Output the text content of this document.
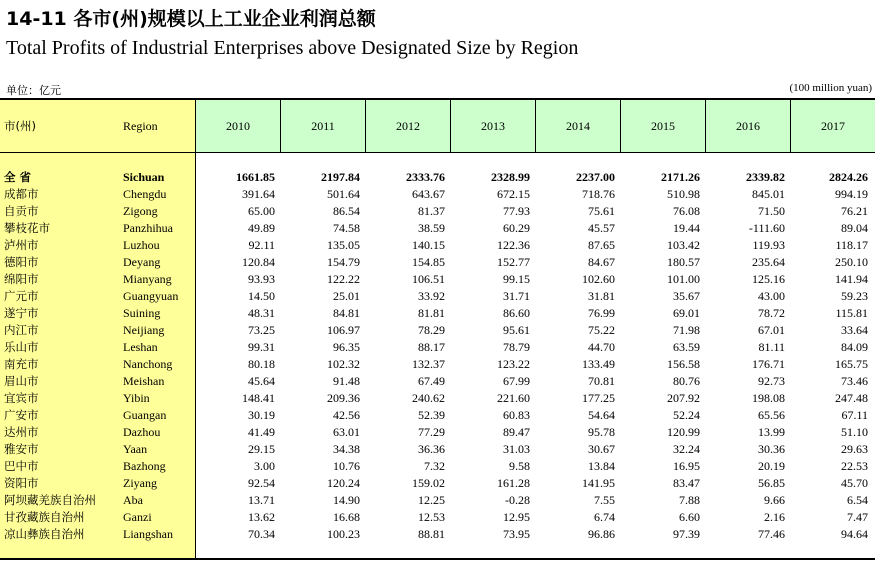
14-11 各市(州)规模以上工业企业利润总额
Total Profits of Industrial Enterprises above Designated Size by Region
单位：亿元	(100 million yuan)
市(州)	Region	2010	2011	2012	2013	2014	2015	2016	2017
全 省	Sichuan	1661.85	2197.84	2333.76	2328.99	2237.00	2171.26	2339.82	2824.26
成都市	Chengdu	391.64	501.64	643.67	672.15	718.76	510.98	845.01	994.19
自贡市	Zigong	65.00	86.54	81.37	77.93	75.61	76.08	71.50	76.21
攀枝花市	Panzhihua	49.89	74.58	38.59	60.29	45.57	19.44	-111.60	89.04
泸州市	Luzhou	92.11	135.05	140.15	122.36	87.65	103.42	119.93	118.17
德阳市	Deyang	120.84	154.79	154.85	152.77	84.67	180.57	235.64	250.10
绵阳市	Mianyang	93.93	122.22	106.51	99.15	102.60	101.00	125.16	141.94
广元市	Guangyuan	14.50	25.01	33.92	31.71	31.81	35.67	43.00	59.23
遂宁市	Suining	48.31	84.81	81.81	86.60	76.99	69.01	78.72	115.81
内江市	Neijiang	73.25	106.97	78.29	95.61	75.22	71.98	67.01	33.64
乐山市	Leshan	99.31	96.35	88.17	78.79	44.70	63.59	81.11	84.09
南充市	Nanchong	80.18	102.32	132.37	123.22	133.49	156.58	176.71	165.75
眉山市	Meishan	45.64	91.48	67.49	67.99	70.81	80.76	92.73	73.46
宜宾市	Yibin	148.41	209.36	240.62	221.60	177.25	207.92	198.08	247.48
广安市	Guangan	30.19	42.56	52.39	60.83	54.64	52.24	65.56	67.11
达州市	Dazhou	41.49	63.01	77.29	89.47	95.78	120.99	13.99	51.10
雅安市	Yaan	29.15	34.38	36.36	31.03	30.67	32.24	30.36	29.63
巴中市	Bazhong	3.00	10.76	7.32	9.58	13.84	16.95	20.19	22.53
资阳市	Ziyang	92.54	120.24	159.02	161.28	141.95	83.47	56.85	45.70
阿坝藏羌族自治州 Aba	13.71	14.90	12.25	-0.28	7.55	7.88	9.66	6.54
甘孜藏族自治州	Ganzi	13.62	16.68	12.53	12.95	6.74	6.60	2.16	7.47
凉山彝族自治州	Liangshan	70.34	100.23	88.81	73.95	96.86	97.39	77.46	94.64
